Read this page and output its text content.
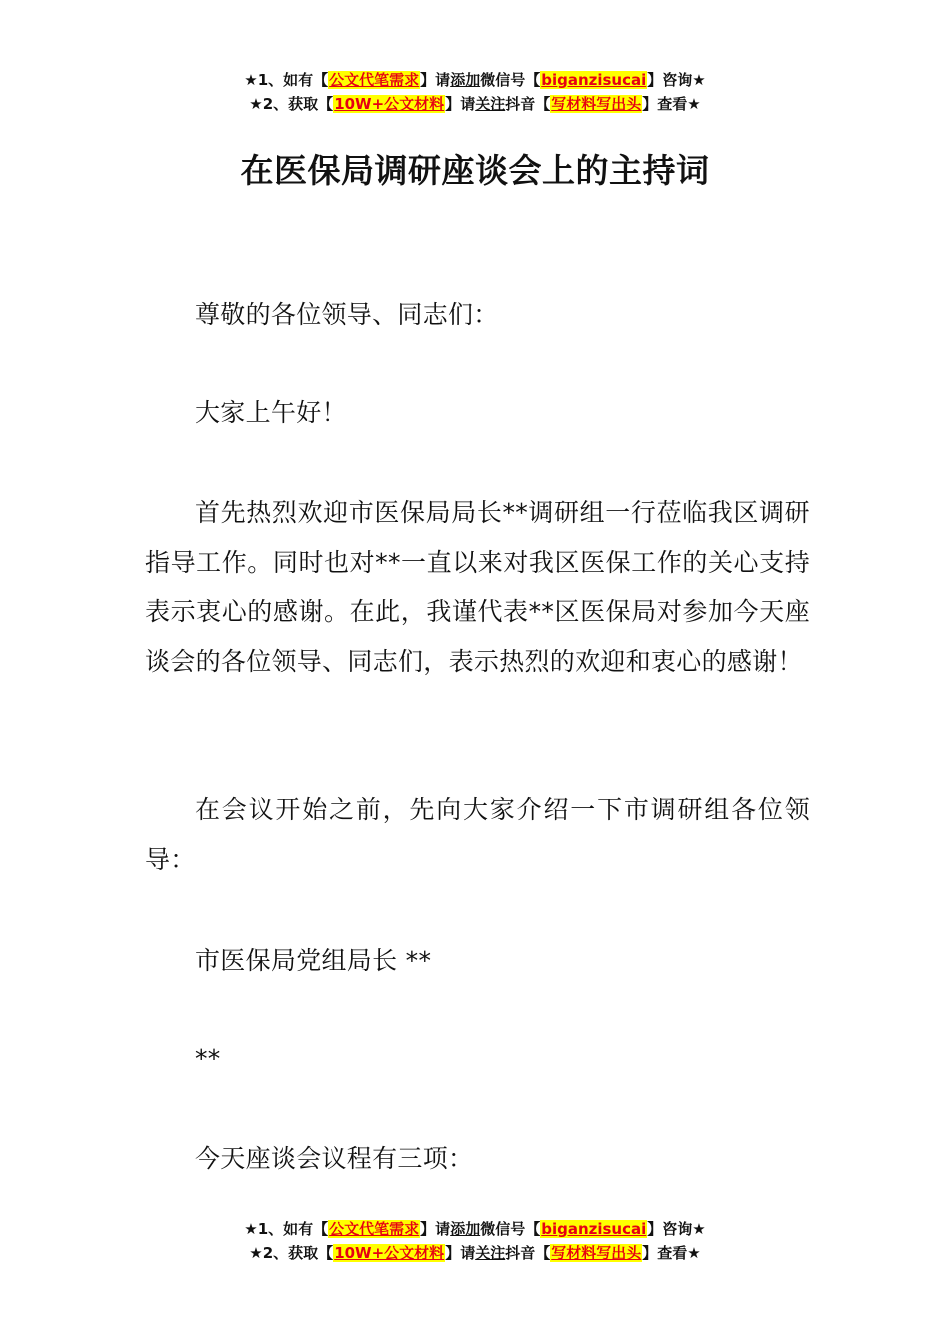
★1、如有【公文代笔需求】请添加微信号【biganzisucai】咨询★
★2、获取【10W+公文材料】请关注抖音【写材料写出头】查看★
在医保局调研座谈会上的主持词
尊敬的各位领导、同志们：
大家上午好！
首先热烈欢迎市医保局局长**调研组一行莅临我区调研指导工作。同时也对**一直以来对我区医保工作的关心支持表示衷心的感谢。在此，我谨代表**区医保局对参加今天座谈会的各位领导、同志们，表示热烈的欢迎和衷心的感谢！
在会议开始之前，先向大家介绍一下市调研组各位领导：
市医保局党组局长 **
**
今天座谈会议程有三项：
★1、如有【公文代笔需求】请添加微信号【biganzisucai】咨询★
★2、获取【10W+公文材料】请关注抖音【写材料写出头】查看★
